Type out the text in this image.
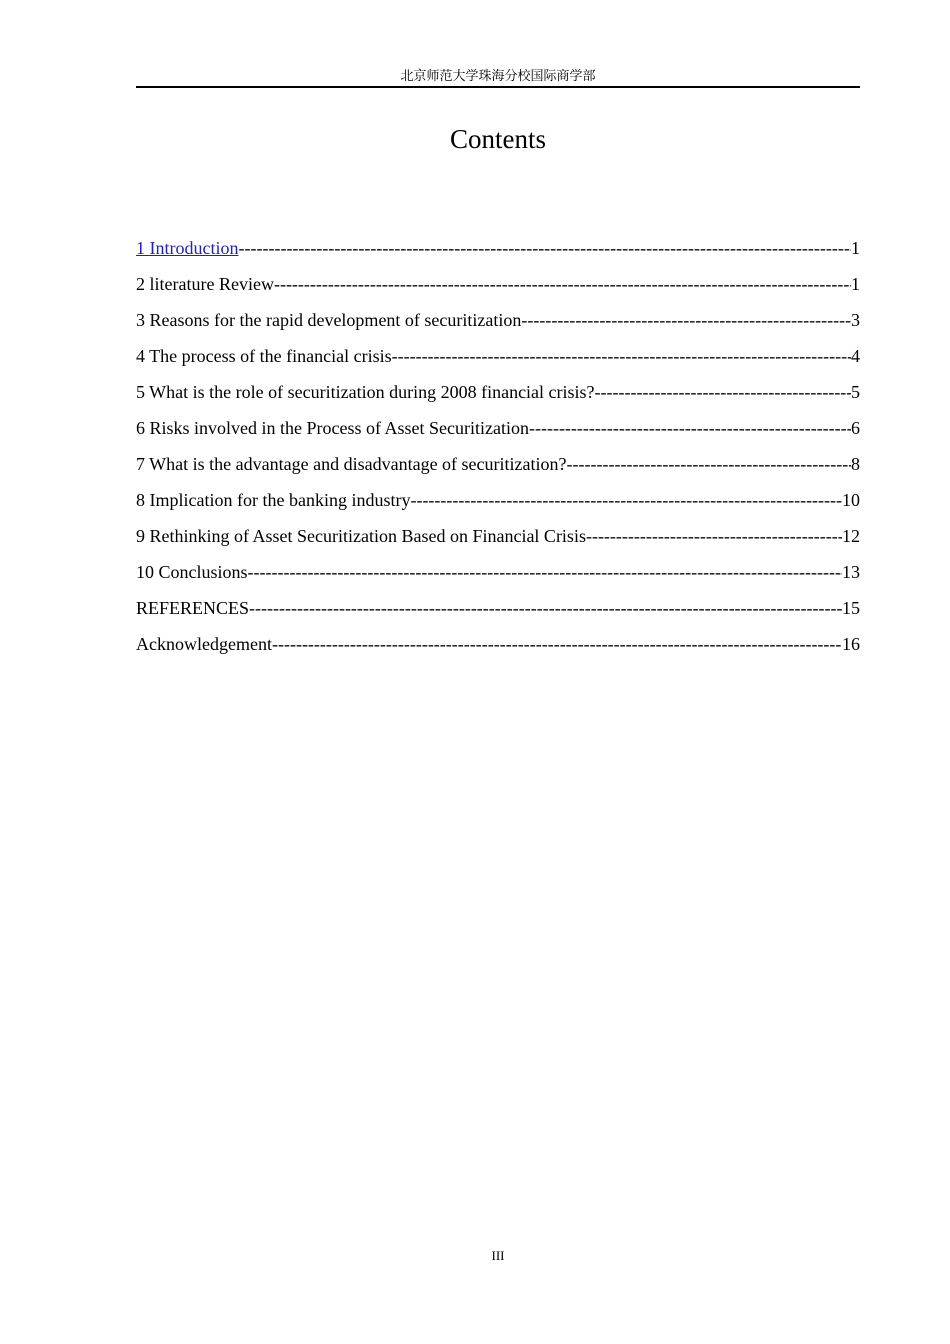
北京师范大学珠海分校国际商学部
Contents
1 Introduction -----	1
2 literature Review -----	1
3 Reasons for the rapid development of securitization -----	3
4 The process of the financial crisis -----	4
5 What is the role of securitization during 2008 financial crisis? -----	5
6 Risks involved in the Process of Asset Securitization -----	6
7 What is the advantage and disadvantage of securitization? -----	8
8 Implication for the banking industry -----	10
9 Rethinking of Asset Securitization Based on Financial Crisis -----	12
10 Conclusions -----	13
REFERENCES -----	15
Acknowledgement -----	16
III
